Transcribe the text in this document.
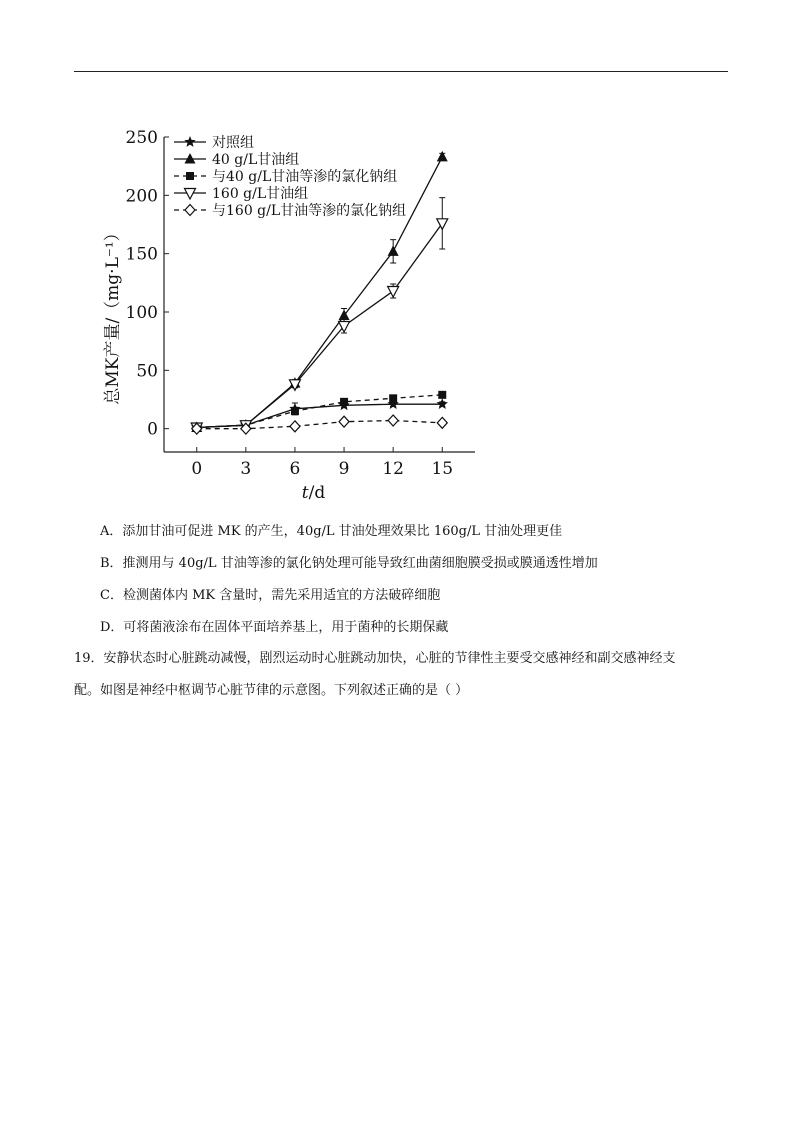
0
50
100
150
200
250
0 3 6 9 12 15
t/d
总MK产量/（mg·L⁻¹）
对照组
40 g/L甘油组
与40 g/L甘油等渗的氯化钠组
160 g/L甘油组
与160 g/L甘油等渗的氯化钠组
A．添加甘油可促进 MK 的产生，40g/L 甘油处理效果比 160g/L 甘油处理更佳
B．推测用与 40g/L 甘油等渗的氯化钠处理可能导致红曲菌细胞膜受损或膜通透性增加
C．检测菌体内 MK 含量时，需先采用适宜的方法破碎细胞
D．可将菌液涂布在固体平面培养基上，用于菌种的长期保藏
19．安静状态时心脏跳动减慢，剧烈运动时心脏跳动加快，心脏的节律性主要受交感神经和副交感神经支
配。如图是神经中枢调节心脏节律的示意图。下列叙述正确的是（ ）
